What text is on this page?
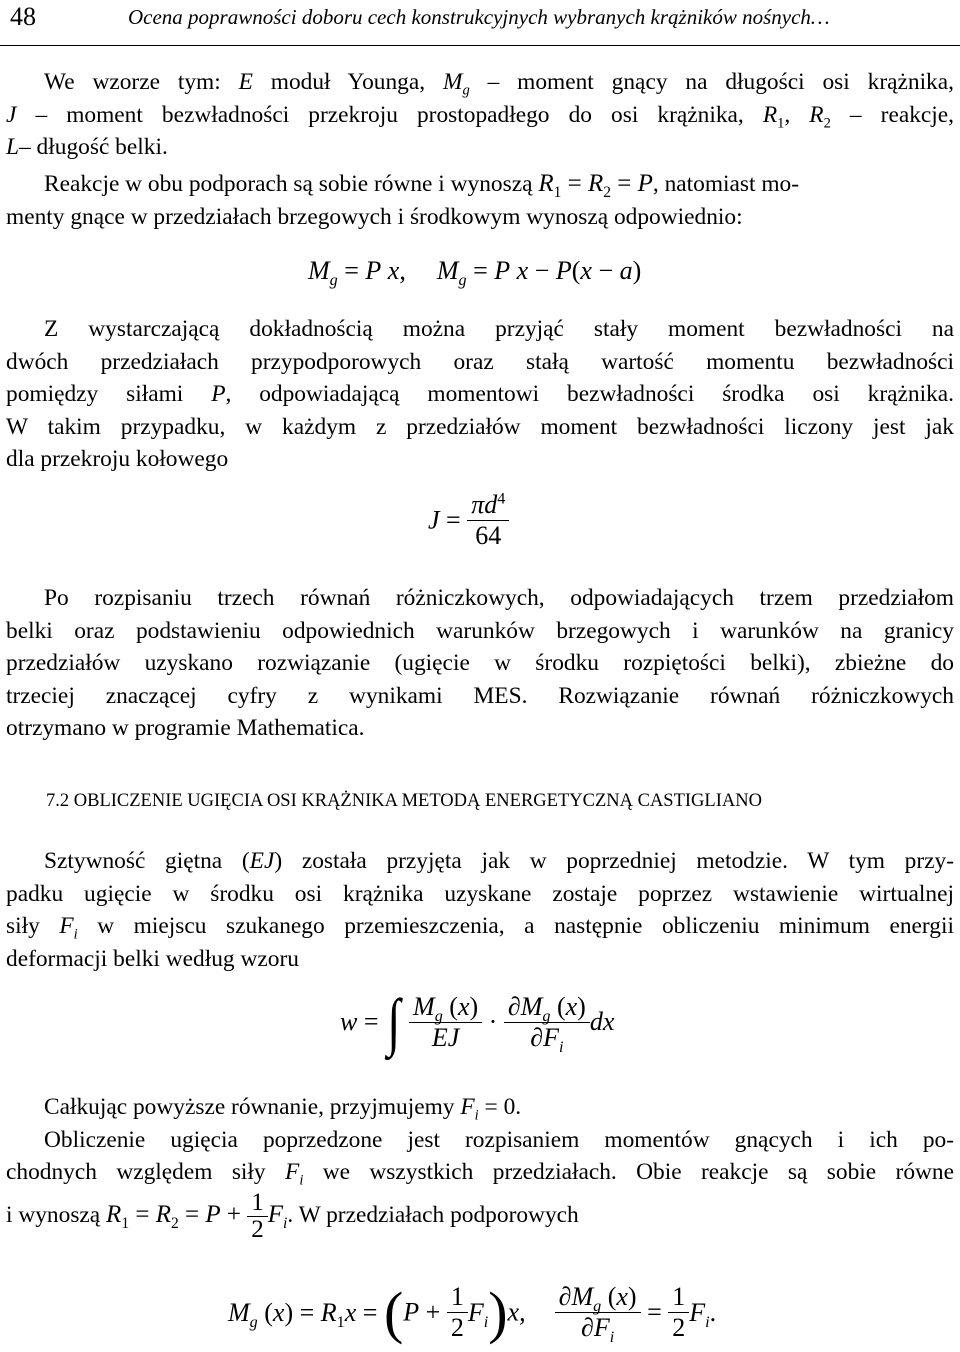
48	Ocena poprawności doboru cech konstrukcyjnych wybranych krążników nośnych…
We wzorze tym: E moduł Younga, $M_g$ – moment gnący na długości osi krążnika,
J – moment bezwładności przekroju prostopadłego do osi krążnika, $R_1$, $R_2$ – reakcje,
L– długość belki.
Reakcje w obu podporach są sobie równe i wynoszą $R_1 = R_2 = P$, natomiast mo-
menty gnące w przedziałach brzegowych i środkowym wynoszą odpowiednio:
$M_g = P$ x, $M_g = P$ x − P(x − a)
Z wystarczającą dokładnością można przyjąć stały moment bezwładności na
dwóch przedziałach przypodporowych oraz stałą wartość momentu bezwładności
pomiędzy siłami P, odpowiadającą momentowi bezwładności środka osi krążnika.
W takim przypadku, w każdym z przedziałów moment bezwładności liczony jest jak
dla przekroju kołowego
$J = \frac{\pi d^4}{64}$
Po rozpisaniu trzech równań różniczkowych, odpowiadających trzem przedziałom
belki oraz podstawieniu odpowiednich warunków brzegowych i warunków na granicy
przedziałów uzyskano rozwiązanie (ugięcie w środku rozpiętości belki), zbieżne do
trzeciej znaczącej cyfry z wynikami MES. Rozwiązanie równań różniczkowych
otrzymano w programie Mathematica.
7.2 OBLICZENIE UGIĘCIA OSI KRĄŻNIKA METODĄ ENERGETYCZNĄ CASTIGLIANO
Sztywność giętna (EJ) została przyjęta jak w poprzedniej metodzie. W tym przy-
padku ugięcie w środku osi krążnika uzyskane zostaje poprzez wstawienie wirtualnej
siły $F_i$ w miejscu szukanego przemieszczenia, a następnie obliczeniu minimum energii
deformacji belki według wzoru
w = ∫ $\frac{M_g (x)}{EJ} \cdot \frac{\partial M_g (x)}{\partial F_i}$ dx
Całkując powyższe równanie, przyjmujemy $F_i = 0$.
Obliczenie ugięcia poprzedzone jest rozpisaniem momentów gnących i ich po-
chodnych względem siły $F_i$ we wszystkich przedziałach. Obie reakcje są sobie równe
i wynoszą $R_1 = R_2 = P + \frac{1}{2} F_i$. W przedziałach podporowych
$M_g$ $(x) = R_1x = (P + \frac{1}{2} F_i)x$, $\frac{\partial M_g (x)}{\partial F_i} = \frac{1}{2} F_i$.
